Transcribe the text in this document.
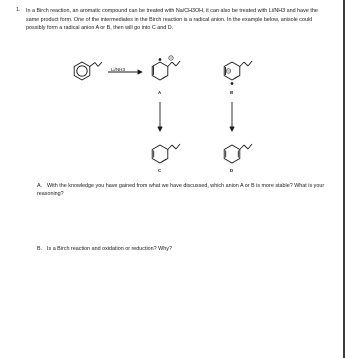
1. In a Birch reaction, an aromatic compound can be treated with Na/CH3OH, it can also be treated with Li/NH3 and have the same product form. One of the intermediates in the Birch reaction is a radical anion. In the example below, anisole could possibly form a radical anion A or B, then will go into C and D.
Li/NH3
A	B
C	D
A. With the knowledge you have gained from what we have discussed, which anion A or B is more stable? What is your reasoning?
B. Is a Birch reaction and oxidation or reduction? Why?
